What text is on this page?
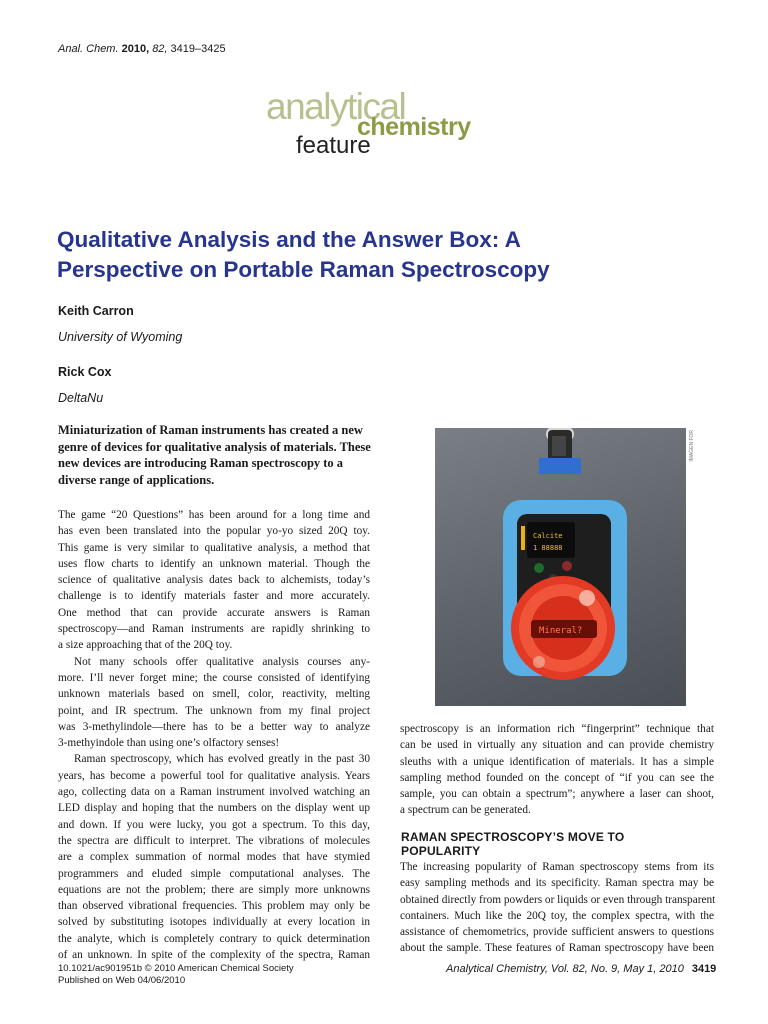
Anal. Chem. 2010, 82, 3419–3425
analytical
chemistry
feature
Qualitative Analysis and the Answer Box: A
Perspective on Portable Raman Spectroscopy
Keith Carron
University of Wyoming
Rick Cox
DeltaNu
Miniaturization of Raman instruments has created a new
genre of devices for qualitative analysis of materials. These
new devices are introducing Raman spectroscopy to a
diverse range of applications.
The game “20 Questions” has been around for a long time and
has even been translated into the popular yo-yo sized 20Q toy.
This game is very similar to qualitative analysis, a method that
uses flow charts to identify an unknown material. Though the
science of qualitative analysis dates back to alchemists, today’s
challenge is to identify materials faster and more accurately.
One method that can provide accurate answers is Raman
spectroscopy—and Raman instruments are rapidly shrinking to
a size approaching that of the 20Q toy.
Not many schools offer qualitative analysis courses any-
more. I’ll never forget mine; the course consisted of identifying
unknown materials based on smell, color, reactivity, melting
point, and IR spectrum. The unknown from my final project
was 3-methylindole—there has to be a better way to analyze
3-methyindole than using one’s olfactory senses!
Raman spectroscopy, which has evolved greatly in the past 30
years, has become a powerful tool for qualitative analysis. Years
ago, collecting data on a Raman instrument involved watching an
LED display and hoping that the numbers on the display went up
and down. If you were lucky, you got a spectrum. To this day,
the spectra are difficult to interpret. The vibrations of molecules
are a complex summation of normal modes that have stymied
programmers and eluded simple computational analyses. The
equations are not the problem; there are simply more unknowns
than observed vibrational frequencies. This problem may only be
solved by substituting isotopes individually at every location in
the analyte, which is completely contrary to quick determination
of an unknown. In spite of the complexity of the spectra, Raman
Calcite
1 88888
Mineral?
IMAGEN FOR
spectroscopy is an information rich “fingerprint” technique that
can be used in virtually any situation and can provide chemistry
sleuths with a unique identification of materials. It has a simple
sampling method founded on the concept of “if you can see the
sample, you can obtain a spectrum”; anywhere a laser can shoot,
a spectrum can be generated.
RAMAN SPECTROSCOPY’S MOVE TO
POPULARITY
The increasing popularity of Raman spectroscopy stems from its
easy sampling methods and its specificity. Raman spectra may be
obtained directly from powders or liquids or even through transparent
containers. Much like the 20Q toy, the complex spectra, with the
assistance of chemometrics, provide sufficient answers to questions
about the sample. These features of Raman spectroscopy have been
10.1021/ac901951b © 2010 American Chemical Society
Published on Web 04/06/2010
Analytical Chemistry, Vol. 82, No. 9, May 1, 2010 3419
